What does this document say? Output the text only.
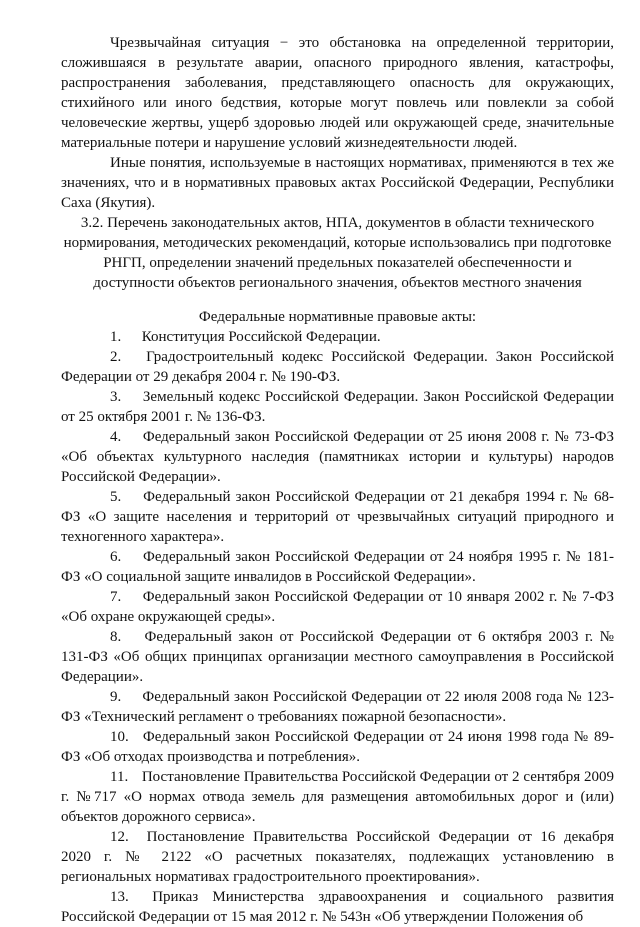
Чрезвычайная ситуация − это обстановка на определенной территории, сложившаяся в результате аварии, опасного природного явления, катастрофы, распространения заболевания, представляющего опасность для окружающих, стихийного или иного бедствия, которые могут повлечь или повлекли за собой человеческие жертвы, ущерб здоровью людей или окружающей среде, значительные материальные потери и нарушение условий жизнедеятельности людей.

Иные понятия, используемые в настоящих нормативах, применяются в тех же значениях, что и в нормативных правовых актах Российской Федерации, Республики Саха (Якутия).

3.2. Перечень законодательных актов, НПА, документов в области технического нормирования, методических рекомендаций, которые использовались при подготовке РНГП, определении значений предельных показателей обеспеченности и доступности объектов регионального значения, объектов местного значения

Федеральные нормативные правовые акты:

1. Конституция Российской Федерации.

2. Градостроительный кодекс Российской Федерации. Закон Российской Федерации от 29 декабря 2004 г. № 190-ФЗ.

3. Земельный кодекс Российской Федерации. Закон Российской Федерации от 25 октября 2001 г. № 136-ФЗ.

4. Федеральный закон Российской Федерации от 25 июня 2008 г. № 73-ФЗ «Об объектах культурного наследия (памятниках истории и культуры) народов Российской Федерации».

5. Федеральный закон Российской Федерации от 21 декабря 1994 г. № 68-ФЗ «О защите населения и территорий от чрезвычайных ситуаций природного и техногенного характера».

6. Федеральный закон Российской Федерации от 24 ноября 1995 г. № 181-ФЗ «О социальной защите инвалидов в Российской Федерации».

7. Федеральный закон Российской Федерации от 10 января 2002 г. № 7-ФЗ «Об охране окружающей среды».

8. Федеральный закон от Российской Федерации от 6 октября 2003 г. № 131-ФЗ «Об общих принципах организации местного самоуправления в Российской Федерации».

9. Федеральный закон Российской Федерации от 22 июля 2008 года № 123-ФЗ «Технический регламент о требованиях пожарной безопасности».

10. Федеральный закон Российской Федерации от 24 июня 1998 года № 89-ФЗ «Об отходах производства и потребления».

11. Постановление Правительства Российской Федерации от 2 сентября 2009 г. №717 «О нормах отвода земель для размещения автомобильных дорог и (или) объектов дорожного сервиса».

12. Постановление Правительства Российской Федерации от 16 декабря 2020 г. № 2122 «О расчетных показателях, подлежащих установлению в региональных нормативах градостроительного проектирования».

13. Приказ Министерства здравоохранения и социального развития Российской Федерации от 15 мая 2012 г. № 543н «Об утверждении Положения об
